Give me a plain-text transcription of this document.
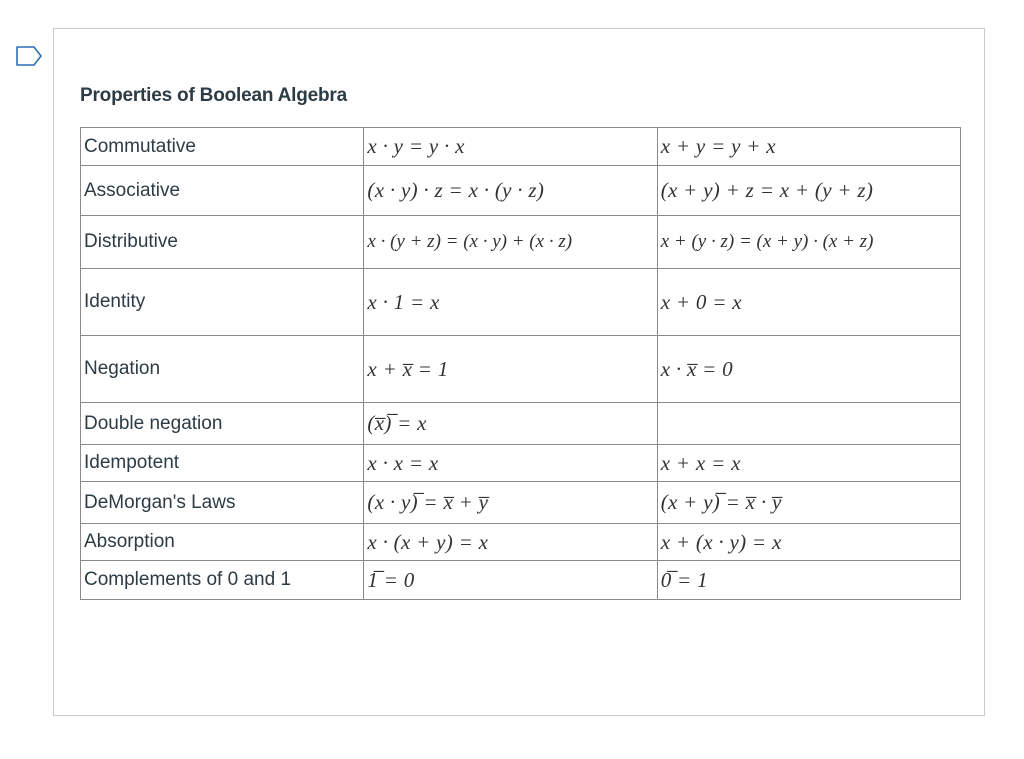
Properties of Boolean Algebra
Commutative	x · y = y · x	x + y = y + x
Associative	(x · y) · z = x · (y · z)	(x + y) + z = x + (y + z)
Distributive	x · (y + z) = (x · y) + (x · z)	x + (y · z) = (x + y) · (x + z)
Identity	x · 1 = x	x + 0 = x
Negation	x + x̅ = 1	x · x̅ = 0
Double negation	(x̅)̅ = x	
Idempotent	x · x = x	x + x = x
DeMorgan's Laws	(x · y)̅ = x̅ + y̅	(x + y)̅ = x̅ · y̅
Absorption	x · (x + y) = x	x + (x · y) = x
Complements of 0 and 1	1̅ = 0	0̅ = 1
